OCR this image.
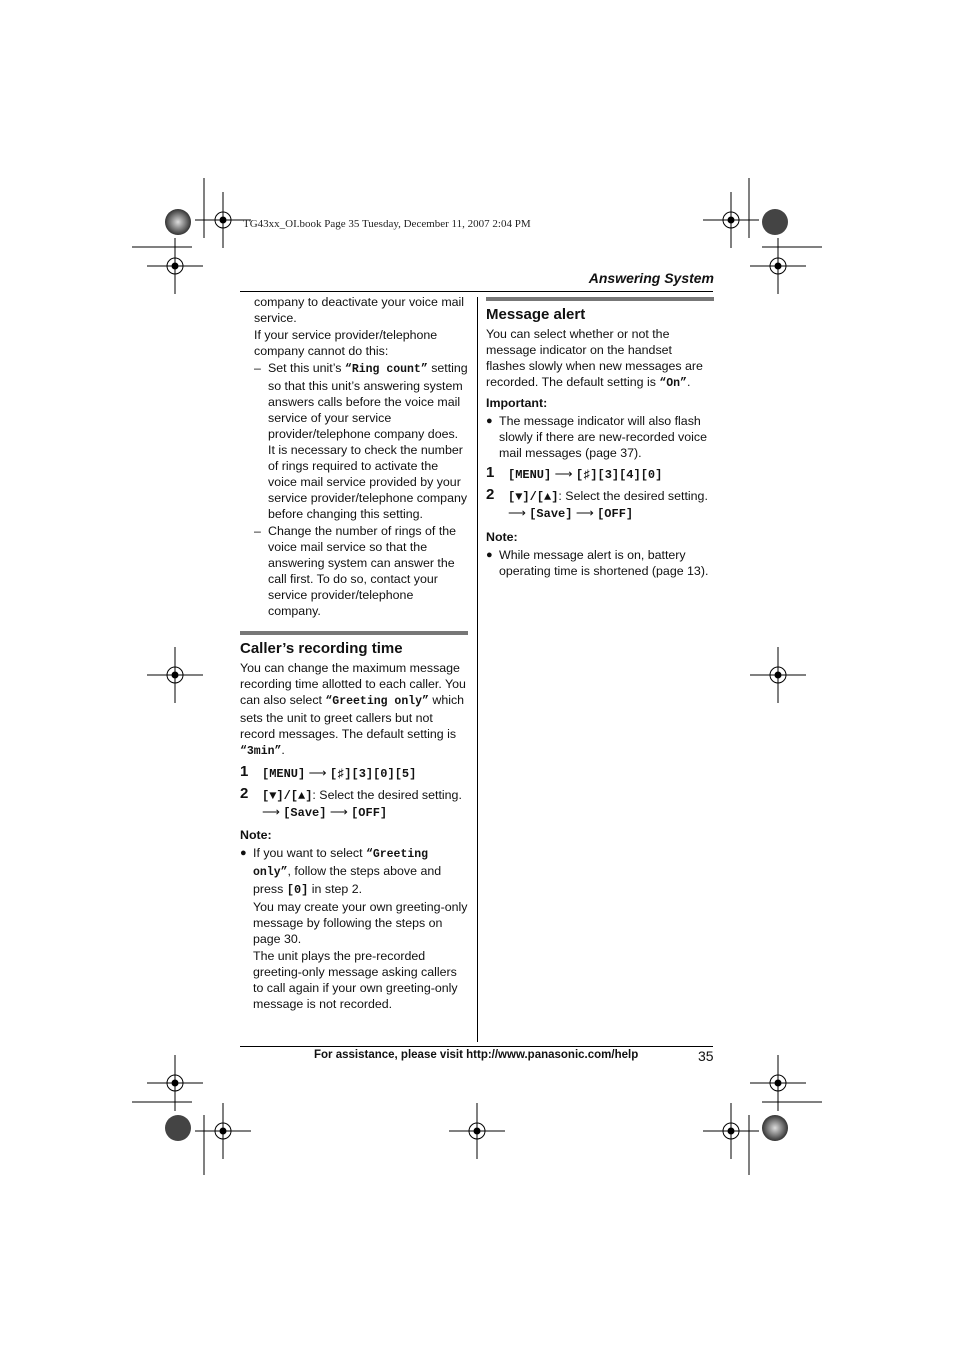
TG43xx_OI.book Page 35 Tuesday, December 11, 2007 2:04 PM
Answering System

company to deactivate your voice mail service.

If your service provider/telephone company cannot do this:

– Set this unit’s “Ring count” setting so that this unit’s answering system answers calls before the voice mail service of your service provider/telephone company does. It is necessary to check the number of rings required to activate the voice mail service provided by your service provider/telephone company before changing this setting.
– Change the number of rings of the voice mail service so that the answering system can answer the call first. To do so, contact your service provider/telephone company.
Caller’s recording time

You can change the maximum message recording time allotted to each caller. You can also select “Greeting only” which sets the unit to greet callers but not record messages. The default setting is “3min”.

1 [MENU] ⟶ [♯][3][0][5]
2 [▼]/[▲]: Select the desired setting.
⟶ [Save] ⟶ [OFF]

Note:

● If you want to select “Greeting only”, follow the steps above and press [0] in step 2.

You may create your own greeting-only message by following the steps on page 30.

The unit plays the pre-recorded greeting-only message asking callers to call again if your own greeting-only message is not recorded.

Message alert

You can select whether or not the message indicator on the handset flashes slowly when new messages are recorded. The default setting is “On”.

Important:

● The message indicator will also flash slowly if there are new-recorded voice mail messages (page 37).
1 [MENU] ⟶ [♯][3][4][0]
2 [▼]/[▲]: Select the desired setting.
⟶ [Save] ⟶ [OFF]

Note:

● While message alert is on, battery operating time is shortened (page 13).
For assistance, please visit http://www.panasonic.com/help	35
